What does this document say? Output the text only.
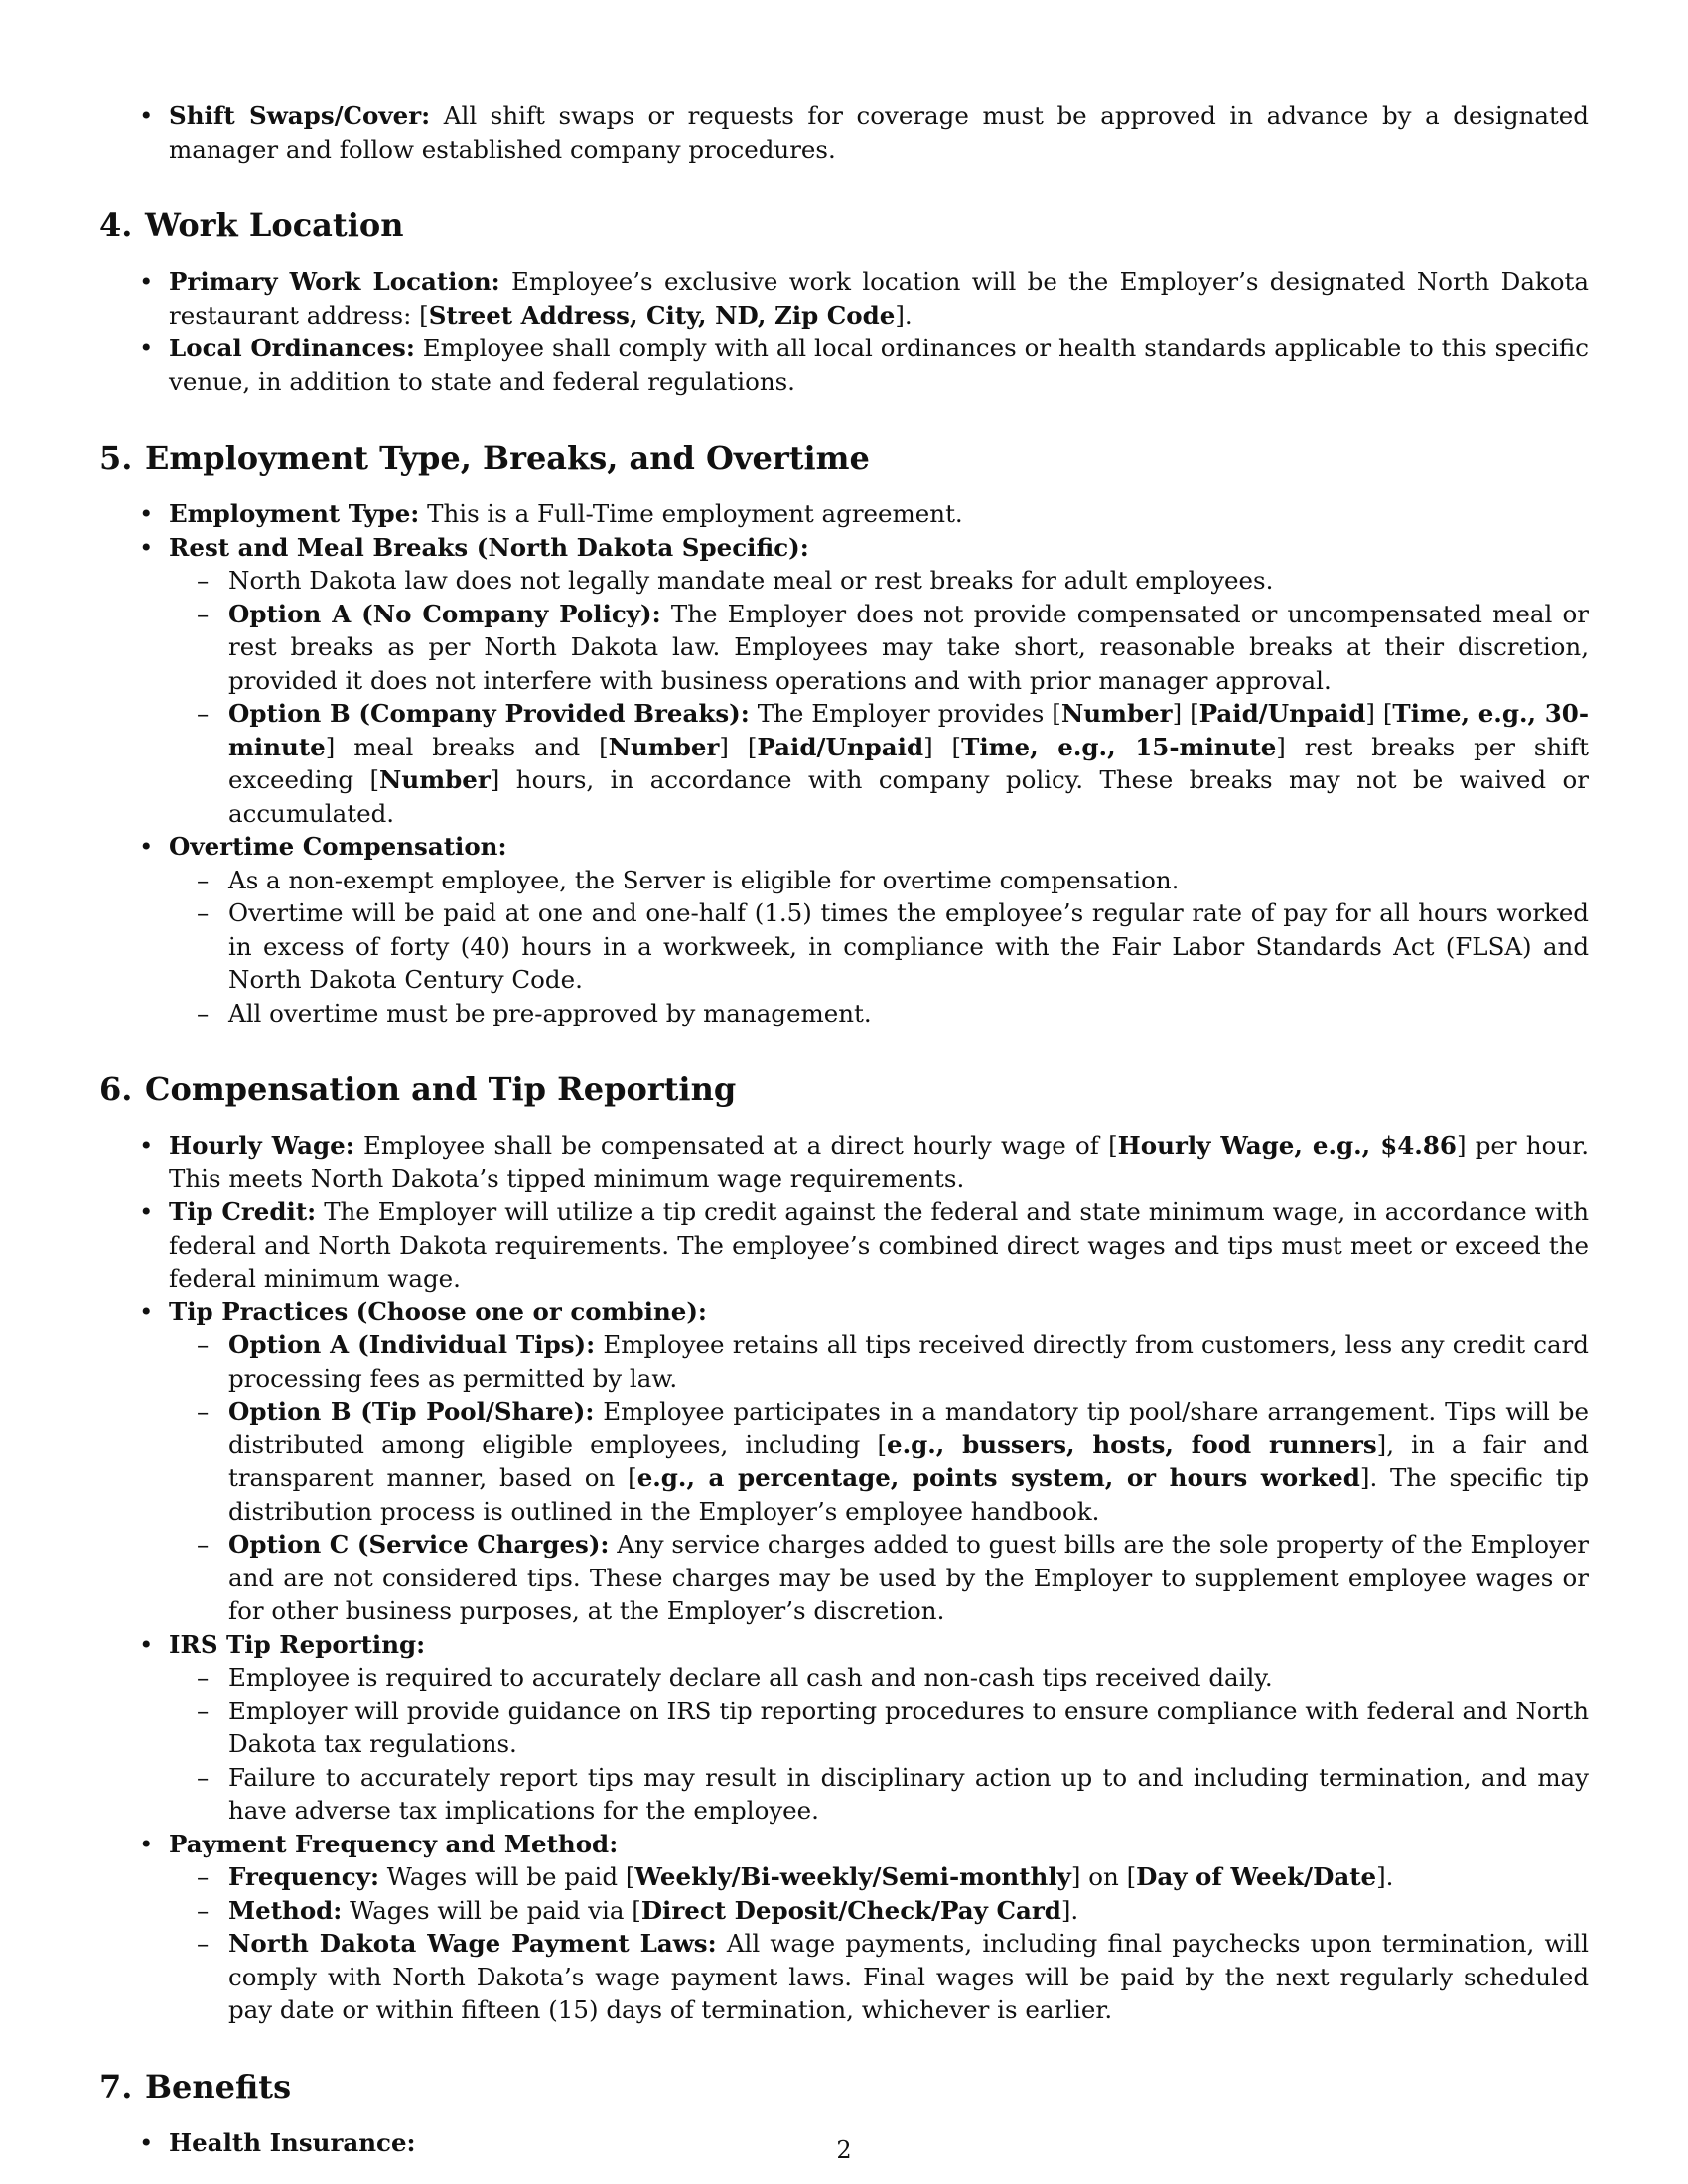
• Shift Swaps/Cover: All shift swaps or requests for coverage must be approved in advance by a designated manager and follow established company procedures.
4. Work Location
• Primary Work Location: Employee’s exclusive work location will be the Employer’s designated North Dakota restaurant address: [Street Address, City, ND, Zip Code].
• Local Ordinances: Employee shall comply with all local ordinances or health standards applicable to this specific venue, in addition to state and federal regulations.
5. Employment Type, Breaks, and Overtime
• Employment Type: This is a Full-Time employment agreement.
• Rest and Meal Breaks (North Dakota Specific):
– North Dakota law does not legally mandate meal or rest breaks for adult employees.
– Option A (No Company Policy): The Employer does not provide compensated or uncompensated meal or rest breaks as per North Dakota law. Employees may take short, reasonable breaks at their discretion, provided it does not interfere with business operations and with prior manager approval.
– Option B (Company Provided Breaks): The Employer provides [Number] [Paid/Unpaid] [Time, e.g., 30-minute] meal breaks and [Number] [Paid/Unpaid] [Time, e.g., 15-minute] rest breaks per shift exceeding [Number] hours, in accordance with company policy. These breaks may not be waived or accumulated.
• Overtime Compensation:
– As a non-exempt employee, the Server is eligible for overtime compensation.
– Overtime will be paid at one and one-half (1.5) times the employee’s regular rate of pay for all hours worked in excess of forty (40) hours in a workweek, in compliance with the Fair Labor Standards Act (FLSA) and North Dakota Century Code.
– All overtime must be pre-approved by management.
6. Compensation and Tip Reporting
• Hourly Wage: Employee shall be compensated at a direct hourly wage of [Hourly Wage, e.g., $4.86] per hour. This meets North Dakota’s tipped minimum wage requirements.
• Tip Credit: The Employer will utilize a tip credit against the federal and state minimum wage, in accordance with federal and North Dakota requirements. The employee’s combined direct wages and tips must meet or exceed the federal minimum wage.
• Tip Practices (Choose one or combine):
– Option A (Individual Tips): Employee retains all tips received directly from customers, less any credit card processing fees as permitted by law.
– Option B (Tip Pool/Share): Employee participates in a mandatory tip pool/share arrangement. Tips will be distributed among eligible employees, including [e.g., bussers, hosts, food runners], in a fair and transparent manner, based on [e.g., a percentage, points system, or hours worked]. The specific tip distribution process is outlined in the Employer’s employee handbook.
– Option C (Service Charges): Any service charges added to guest bills are the sole property of the Employer and are not considered tips. These charges may be used by the Employer to supplement employee wages or for other business purposes, at the Employer’s discretion.
• IRS Tip Reporting:
– Employee is required to accurately declare all cash and non-cash tips received daily.
– Employer will provide guidance on IRS tip reporting procedures to ensure compliance with federal and North Dakota tax regulations.
– Failure to accurately report tips may result in disciplinary action up to and including termination, and may have adverse tax implications for the employee.
• Payment Frequency and Method:
– Frequency: Wages will be paid [Weekly/Bi-weekly/Semi-monthly] on [Day of Week/Date].
– Method: Wages will be paid via [Direct Deposit/Check/Pay Card].
– North Dakota Wage Payment Laws: All wage payments, including final paychecks upon termination, will comply with North Dakota’s wage payment laws. Final wages will be paid by the next regularly scheduled pay date or within fifteen (15) days of termination, whichever is earlier.
7. Benefits
• Health Insurance:	2
